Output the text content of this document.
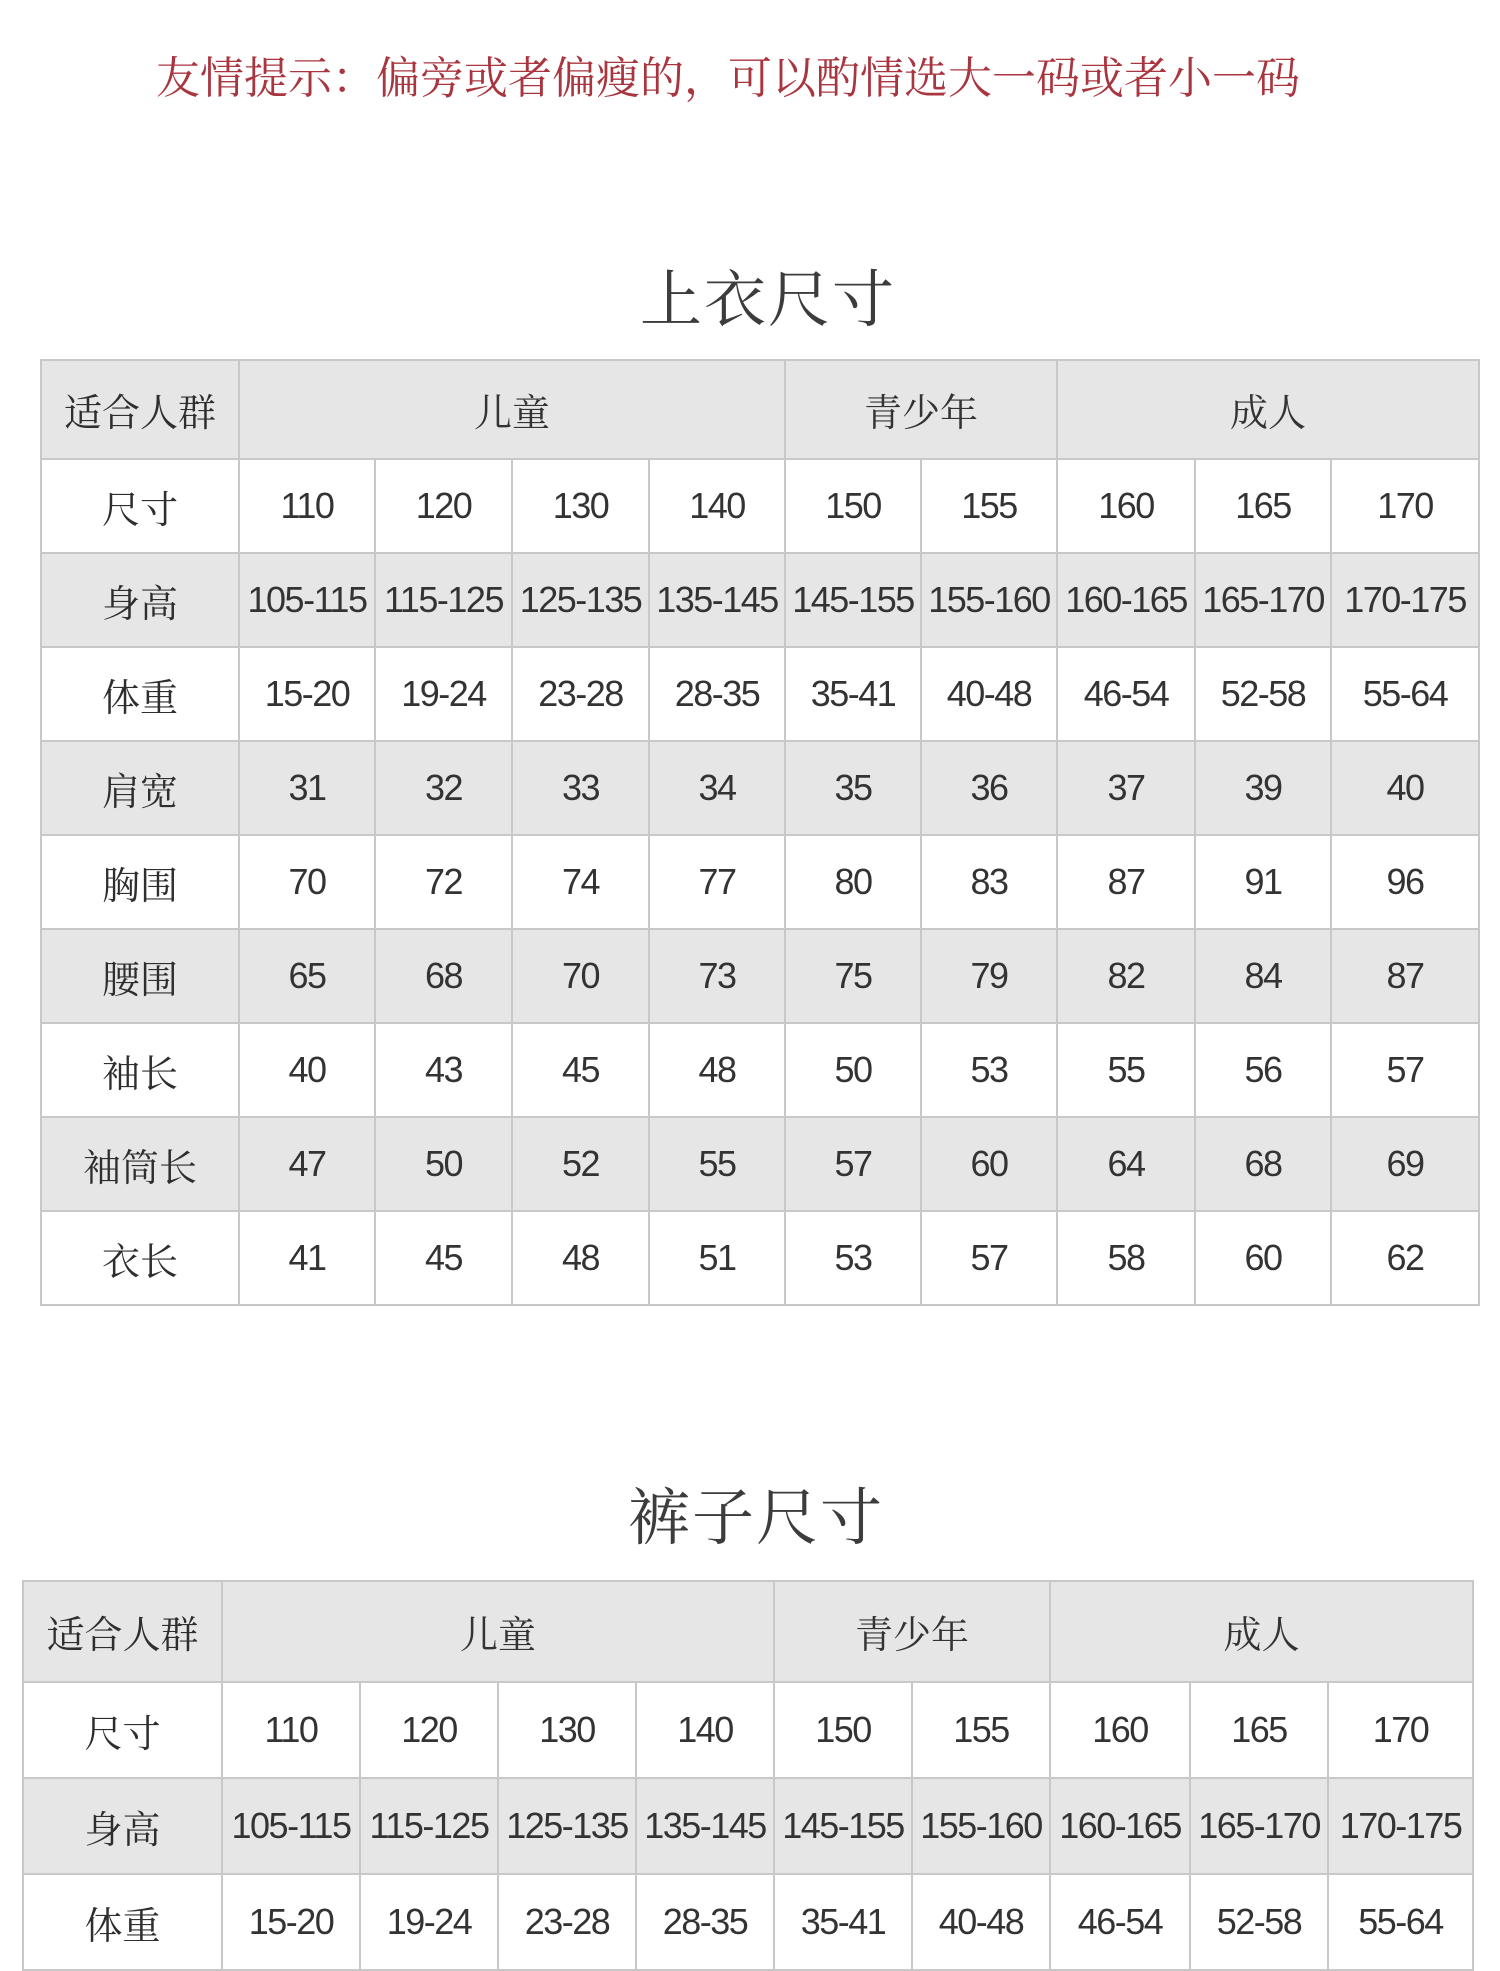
友情提示：偏旁或者偏瘦的，可以酌情选大一码或者小一码
上衣尺寸
适合人群	儿童				青少年		成人		
尺寸	110	120	130	140	150	155	160	165	170
身高	105-115	115-125	125-135	135-145	145-155	155-160	160-165	165-170	170-175
体重	15-20	19-24	23-28	28-35	35-41	40-48	46-54	52-58	55-64
肩宽	31	32	33	34	35	36	37	39	40
胸围	70	72	74	77	80	83	87	91	96
腰围	65	68	70	73	75	79	82	84	87
袖长	40	43	45	48	50	53	55	56	57
袖筒长	47	50	52	55	57	60	64	68	69
衣长	41	45	48	51	53	57	58	60	62
裤子尺寸
适合人群	儿童				青少年		成人		
尺寸	110	120	130	140	150	155	160	165	170
身高	105-115	115-125	125-135	135-145	145-155	155-160	160-165	165-170	170-175
体重	15-20	19-24	23-28	28-35	35-41	40-48	46-54	52-58	55-64
